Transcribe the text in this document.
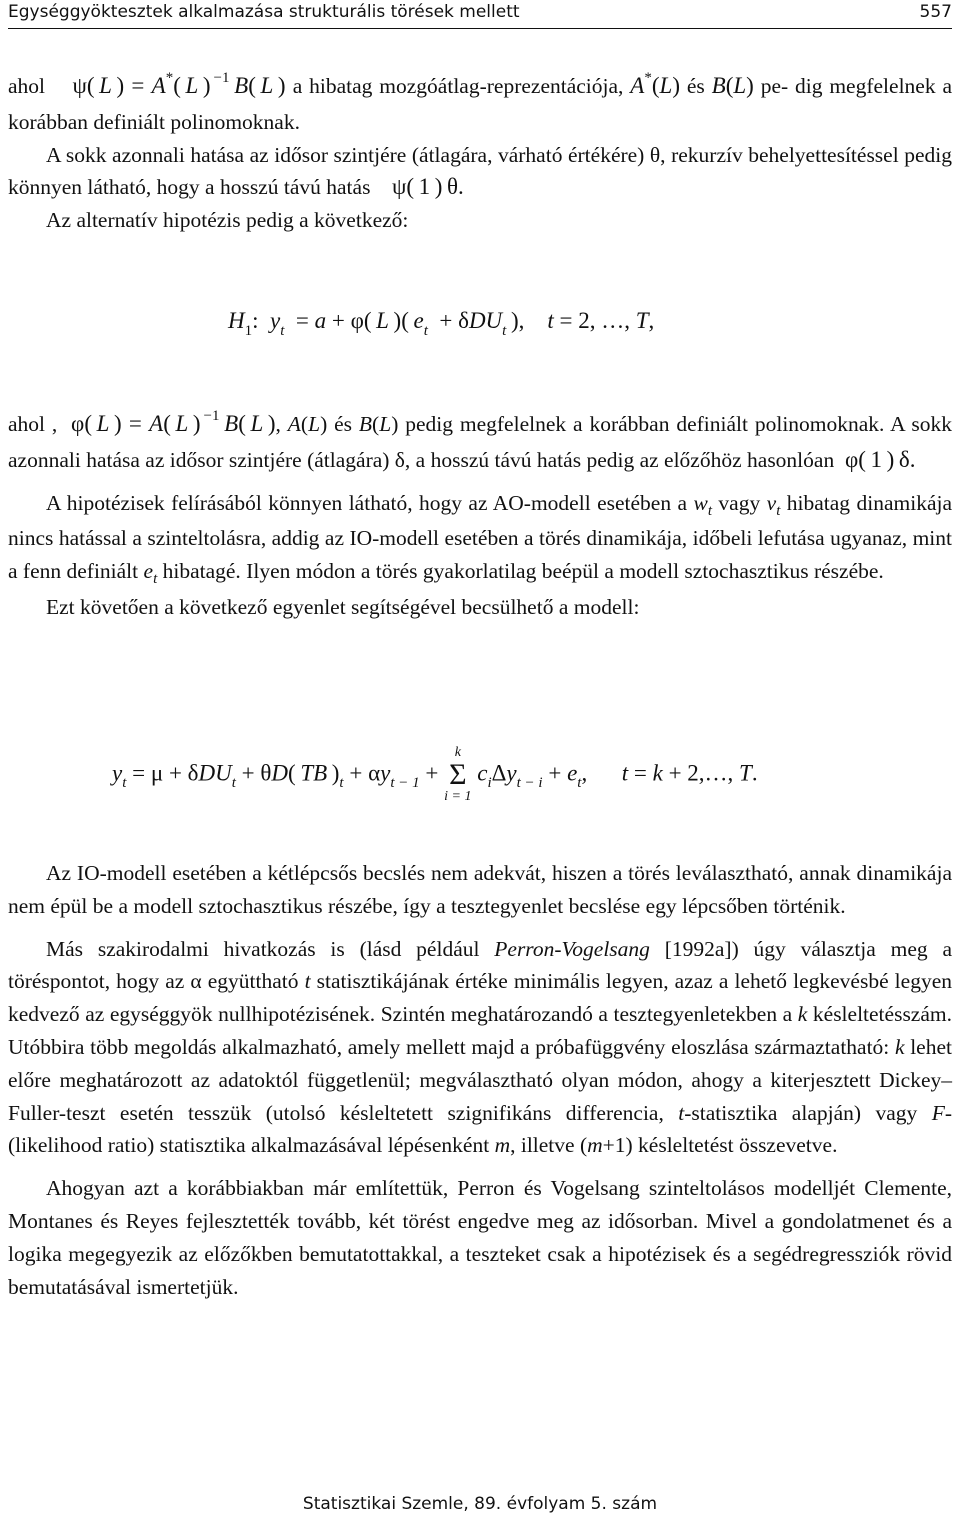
Egységgyöktesztek alkalmazása strukturális törések mellett	557

ahol ψ( L ) = A*( L ) $^{-1}$  B( L ) a hibatag mozgóátlag-reprezentációja, A*(L) és B(L) pe- dig megfelelnek a korábban definiált polinomoknak.

A sokk azonnali hatása az idősor szintjére (átlagára, várható értékére) θ, rekurzív behelyettesítéssel pedig könnyen látható, hogy a hosszú távú hatás ψ( 1 ) θ.

Az alternatív hipotézis pedig a következő:

$H_1$:  $y_t = a + \varphi$( L )( $e_t + \delta DU_t$ ),    t = 2, …, T,

ahol ,  φ( L ) = A( L ) $^{-1}$  B( L ), A(L) és B(L) pedig megfelelnek a korábban definiált polinomoknak. A sokk azonnali hatása az idősor szintjére (átlagára) δ, a hosszú távú hatás pedig az előzőhöz hasonlóan  φ( 1 ) δ.

A hipotézisek felírásából könnyen látható, hogy az AO-modell esetében a $w_t$ vagy $v_t$ hibatag dinamikája nincs hatással a szinteltolásra, addig az IO-modell esetében a törés dinamikája, időbeli lefutása ugyanaz, mint a fenn definiált $e_t$ hibatagé. Ilyen módon a törés gyakorlatilag beépül a modell sztochasztikus részébe.

Ezt követően a következő egyenlet segítségével becsülhető a modell:

$y_t = \mu + \delta DU_t + \theta D$( TB )$_t + \alpha y_{t - 1}$ +
k
Σ
i = 1
$c_i\Delta y_{t - i} + e_t$,      t = k + 2,…, T.

Az IO-modell esetében a kétlépcsős becslés nem adekvát, hiszen a törés leválasztható, annak dinamikája nem épül be a modell sztochasztikus részébe, így a tesztegyenlet becslése egy lépcsőben történik.

Más szakirodalmi hivatkozás is (lásd például Perron-Vogelsang [1992a]) úgy választja meg a töréspontot, hogy az α együttható t statisztikájának értéke minimális legyen, azaz a lehető legkevésbé legyen kedvező az egységgyök nullhipotézisének. Szintén meghatározandó a tesztegyenletekben a k késleltetésszám. Utóbbira több megoldás alkalmazható, amely mellett majd a próbafüggvény eloszlása származtatható: k lehet előre meghatározott az adatoktól függetlenül; megválasztható olyan módon, ahogy a kiterjesztett Dickey–Fuller-teszt esetén tesszük (utolsó késleltetett szignifikáns differencia, t-statisztika alapján) vagy F- (likelihood ratio) statisztika alkalmazásával lépésenként m, illetve (m+1) késleltetést összevetve.

Ahogyan azt a korábbiakban már említettük, Perron és Vogelsang szinteltolásos modelljét Clemente, Montanes és Reyes fejlesztették tovább, két törést engedve meg az idősorban. Mivel a gondolatmenet és a logika megegyezik az előzőkben bemutatottakkal, a teszteket csak a hipotézisek és a segédregressziók rövid bemutatásával ismertetjük.

Statisztikai Szemle, 89. évfolyam 5. szám
